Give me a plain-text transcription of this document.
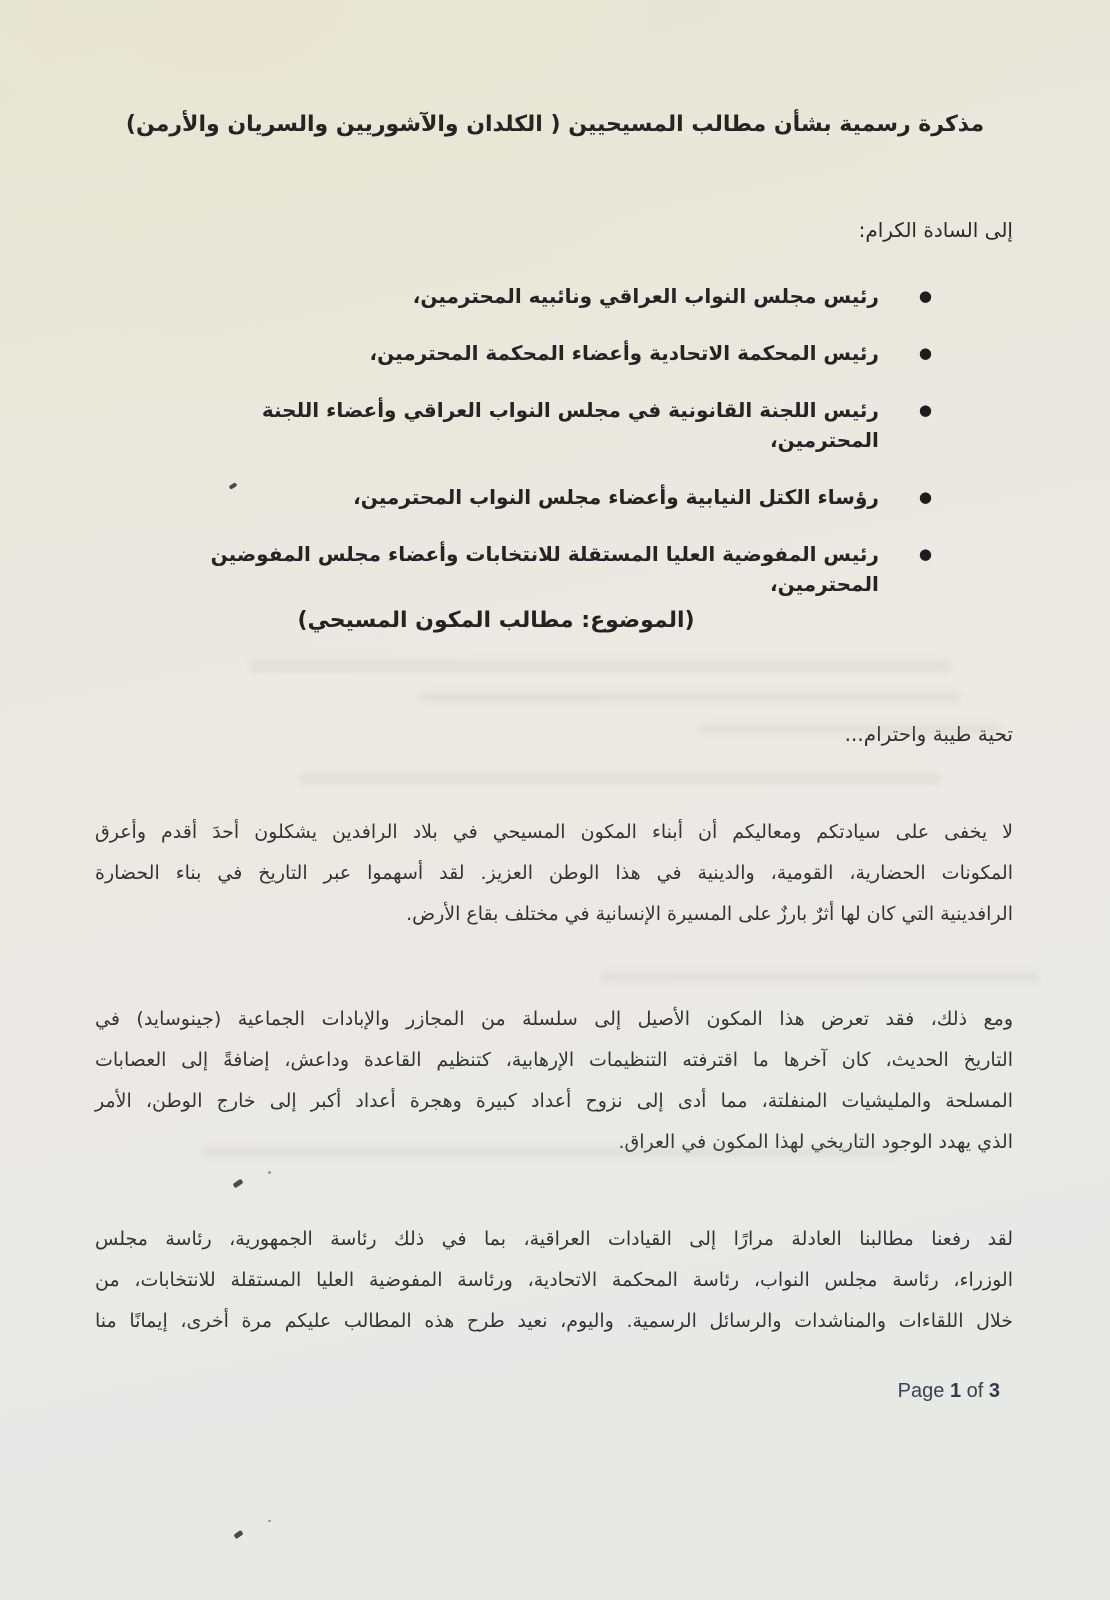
مذكرة رسمية بشأن مطالب المسيحيين ( الكلدان والآشوريين والسريان والأرمن)
إلى السادة الكرام:
●
رئيس مجلس النواب العراقي ونائبيه المحترمين،
●
رئيس المحكمة الاتحادية وأعضاء المحكمة المحترمين،
●
رئيس اللجنة القانونية في مجلس النواب العراقي وأعضاء اللجنة المحترمين،
●
رؤساء الكتل النيابية وأعضاء مجلس النواب المحترمين،
●
رئيس المفوضية العليا المستقلة للانتخابات وأعضاء مجلس المفوضين المحترمين،
(الموضوع: مطالب المكون المسيحي)
تحية طيبة واحترام...
لا يخفى على سيادتكم ومعاليكم أن أبناء المكون المسيحي في بلاد الرافدين يشكلون أحدَ أقدم وأعرق
المكونات الحضارية، القومية، والدينية في هذا الوطن العزيز. لقد أسهموا عبر التاريخ في بناء الحضارة
الرافدينية التي كان لها أثرٌ بارزٌ على المسيرة الإنسانية في مختلف بقاع الأرض.
ومع ذلك، فقد تعرض هذا المكون الأصيل إلى سلسلة من المجازر والإبادات الجماعية (جينوسايد) في
التاريخ الحديث، كان آخرها ما اقترفته التنظيمات الإرهابية، كتنظيم القاعدة وداعش، إضافةً إلى العصابات
المسلحة والمليشيات المنفلتة، مما أدى إلى نزوح أعداد كبيرة وهجرة أعداد أكبر إلى خارج الوطن، الأمر
الذي يهدد الوجود التاريخي لهذا المكون في العراق.
لقد رفعنا مطالبنا العادلة مرارًا إلى القيادات العراقية، بما في ذلك رئاسة الجمهورية، رئاسة مجلس
الوزراء، رئاسة مجلس النواب، رئاسة المحكمة الاتحادية، ورئاسة المفوضية العليا المستقلة للانتخابات، من
خلال اللقاءات والمناشدات والرسائل الرسمية. واليوم، نعيد طرح هذه المطالب عليكم مرة أخرى، إيمانًا منا
Page 1 of 3
